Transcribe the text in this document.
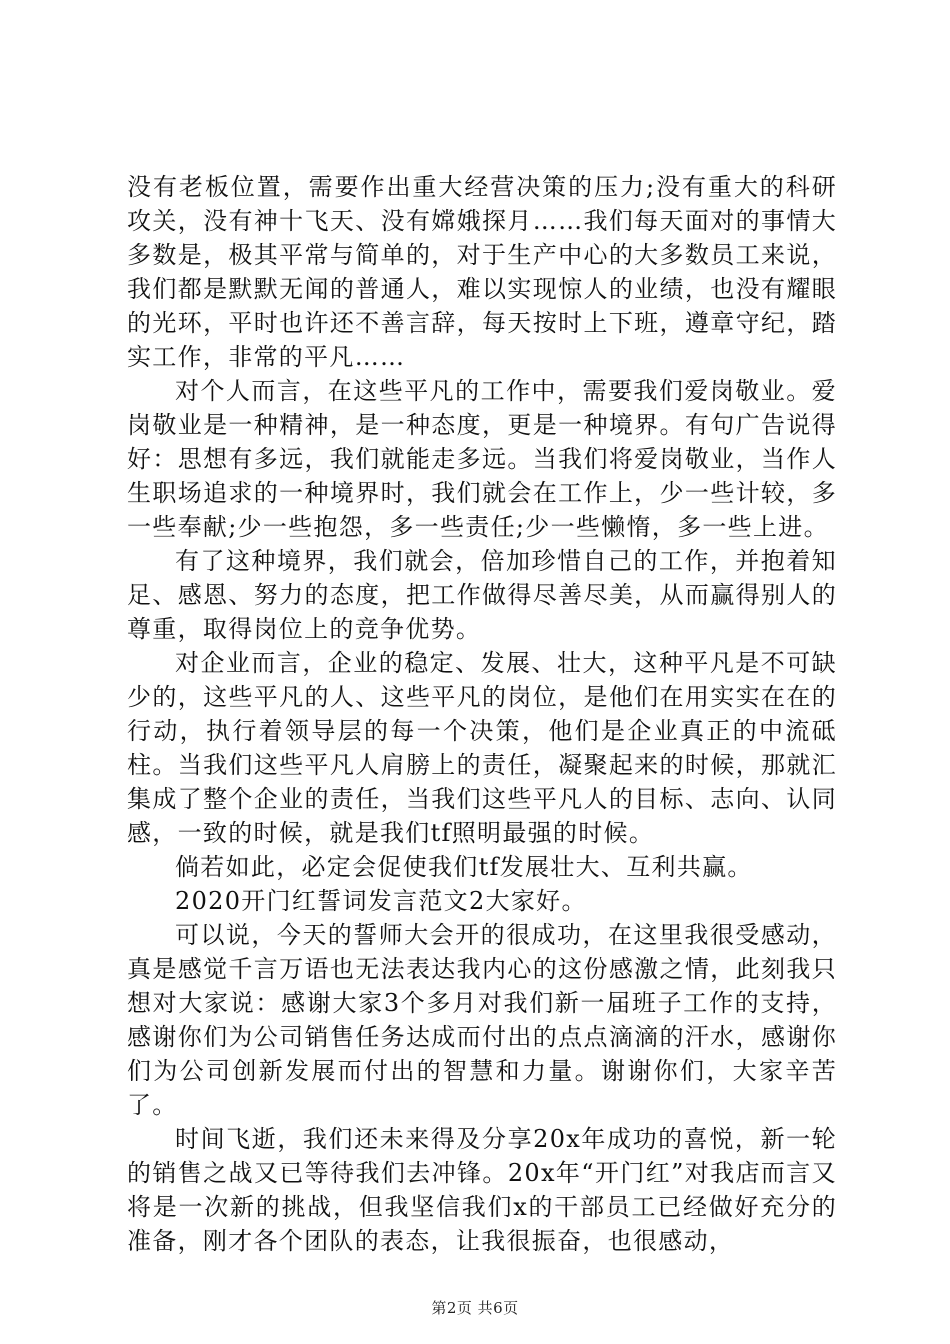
没有老板位置，需要作出重大经营决策的压力;没有重大的科研攻关，没有神十飞天、没有嫦娥探月……我们每天面对的事情大多数是，极其平常与简单的，对于生产中心的大多数员工来说，我们都是默默无闻的普通人，难以实现惊人的业绩，也没有耀眼的光环，平时也许还不善言辞，每天按时上下班，遵章守纪，踏实工作，非常的平凡……

对个人而言，在这些平凡的工作中，需要我们爱岗敬业。爱岗敬业是一种精神，是一种态度，更是一种境界。有句广告说得好：思想有多远，我们就能走多远。当我们将爱岗敬业，当作人生职场追求的一种境界时，我们就会在工作上，少一些计较，多一些奉献;少一些抱怨，多一些责任;少一些懒惰，多一些上进。

有了这种境界，我们就会，倍加珍惜自己的工作，并抱着知足、感恩、努力的态度，把工作做得尽善尽美，从而赢得别人的尊重，取得岗位上的竞争优势。

对企业而言，企业的稳定、发展、壮大，这种平凡是不可缺少的，这些平凡的人、这些平凡的岗位，是他们在用实实在在的行动，执行着领导层的每一个决策，他们是企业真正的中流砥柱。当我们这些平凡人肩膀上的责任，凝聚起来的时候，那就汇集成了整个企业的责任，当我们这些平凡人的目标、志向、认同感，一致的时候，就是我们tf照明最强的时候。

倘若如此，必定会促使我们tf发展壮大、互利共赢。

2020开门红誓词发言范文2大家好。

可以说，今天的誓师大会开的很成功，在这里我很受感动，真是感觉千言万语也无法表达我内心的这份感激之情，此刻我只想对大家说：感谢大家3个多月对我们新一届班子工作的支持，感谢你们为公司销售任务达成而付出的点点滴滴的汗水，感谢你们为公司创新发展而付出的智慧和力量。谢谢你们，大家辛苦了。

时间飞逝，我们还未来得及分享20x年成功的喜悦，新一轮的销售之战又已等待我们去冲锋。20x年“开门红”对我店而言又将是一次新的挑战，但我坚信我们x的干部员工已经做好充分的准备，刚才各个团队的表态，让我很振奋，也很感动，

第2页 共6页
